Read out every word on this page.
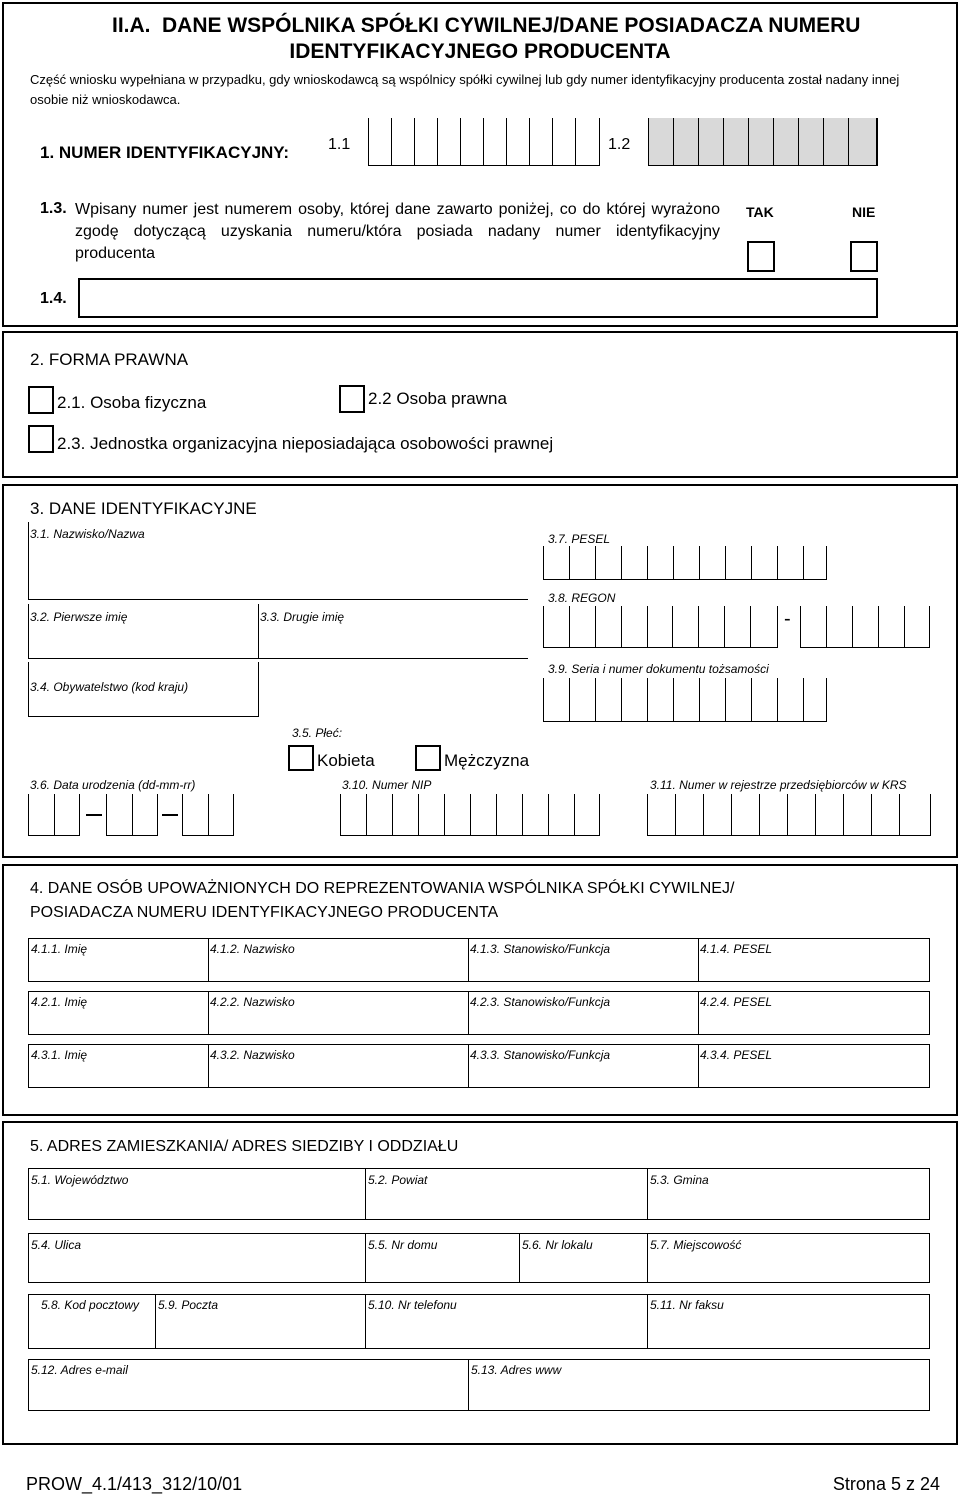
II.A. DANE WSPÓLNIKA SPÓŁKI CYWILNEJ/DANE POSIADACZA NUMERU
IDENTYFIKACYJNEGO PRODUCENTA
Część wniosku wypełniana w przypadku, gdy wnioskodawcą są wspólnicy spółki cywilnej lub gdy numer identyfikacyjny producenta został nadany innej osobie niż wnioskodawca.
1. NUMER IDENTYFIKACYJNY: 1.1	1.2
1.3. Wpisany numer jest numerem osoby, której dane zawarto poniżej, co do której wyrażono zgodę dotyczącą uzyskania numeru/która posiada nadany numer identyfikacyjny producenta
TAK	NIE
1.4.
2. FORMA PRAWNA
2.1. Osoba fizyczna	2.2 Osoba prawna
2.3. Jednostka organizacyjna nieposiadająca osobowości prawnej
3. DANE IDENTYFIKACYJNE
3.1. Nazwisko/Nazwa	3.7. PESEL
3.2. Pierwsze imię	3.3. Drugie imię
3.8. REGON
-
3.4. Obywatelstwo (kod kraju)
3.9. Seria i numer dokumentu tożsamości
3.5. Płeć:
Kobieta	Mężczyzna
3.6. Data urodzenia (dd-mm-rr)	3.10. Numer NIP	3.11. Numer w rejestrze przedsiębiorców w KRS
4. DANE OSÓB UPOWAŻNIONYCH DO REPREZENTOWANIA WSPÓLNIKA SPÓŁKI CYWILNEJ/
POSIADACZA NUMERU IDENTYFIKACYJNEGO PRODUCENTA
4.1.1. Imię	4.1.2. Nazwisko	4.1.3. Stanowisko/Funkcja	4.1.4. PESEL
4.2.1. Imię	4.2.2. Nazwisko	4.2.3. Stanowisko/Funkcja	4.2.4. PESEL
4.3.1. Imię	4.3.2. Nazwisko	4.3.3. Stanowisko/Funkcja	4.3.4. PESEL
5. ADRES ZAMIESZKANIA/ ADRES SIEDZIBY I ODDZIAŁU
5.1. Województwo	5.2. Powiat	5.3. Gmina
5.4. Ulica	5.5. Nr domu	5.6. Nr lokalu	5.7. Miejscowość
5.8. Kod pocztowy 5.9. Poczta	5.10. Nr telefonu	5.11. Nr faksu
5.12. Adres e-mail	5.13. Adres www
PROW_4.1/413_312/10/01	Strona 5 z 24
